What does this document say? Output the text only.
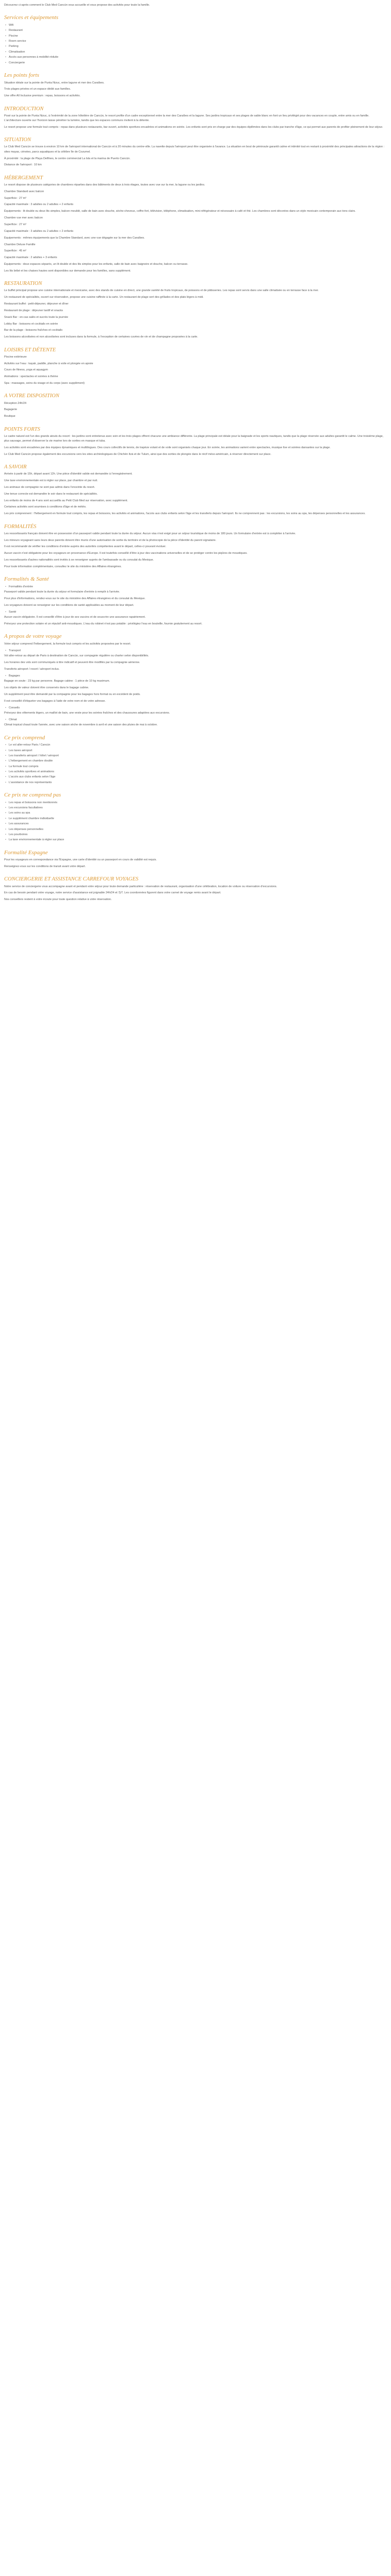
Découvrez ci-après comment le Club Med Cancún vous accueille et vous propose des activités pour toute la famille.
Services et équipements
• Wifi
• Restaurant
• Piscine
• Room service
• Parking
• Climatisation
• Accès aux personnes à mobilité réduite
• Conciergerie
Les points forts
Situation idéale sur la pointe de Punta Nizuc, entre lagune et mer des Caraïbes.
Trois plages privées et un espace dédié aux familles.
Une offre All Inclusive premium : repas, boissons et activités.
INTRODUCTION
Posé sur la pointe de Punta Nizuc, à l'extrémité de la zone hôtelière de Cancún, le resort profite d'un cadre exceptionnel entre la mer des Caraïbes et la lagune. Ses jardins tropicaux et ses plages de sable blanc en font un lieu privilégié pour des vacances en couple, entre amis ou en famille. L'architecture ouverte sur l'horizon laisse pénétrer la lumière, tandis que les espaces communs invitent à la détente.
Le resort propose une formule tout compris : repas dans plusieurs restaurants, bar ouvert, activités sportives encadrées et animations en soirée. Les enfants sont pris en charge par des équipes diplômées dans les clubs par tranche d'âge, ce qui permet aux parents de profiter pleinement de leur séjour.
SITUATION
Le Club Med Cancún se trouve à environ 10 km de l'aéroport international de Cancún et à 20 minutes du centre-ville. La navette depuis l'aéroport peut être organisée à l'avance. La situation en bout de péninsule garantit calme et intimité tout en restant à proximité des principales attractions de la région : sites mayas, cénotes, parcs aquatiques et la célèbre île de Cozumel.
À proximité : la plage de Playa Delfines, le centre commercial La Isla et la marina de Puerto Cancún.
Distance de l'aéroport : 10 km
HÉBERGEMENT
Le resort dispose de plusieurs catégories de chambres réparties dans des bâtiments de deux à trois étages, toutes avec vue sur la mer, la lagune ou les jardins.
Chambre Standard avec balcon
Superficie : 27 m²
Capacité maximale : 3 adultes ou 2 adultes + 2 enfants
Équipements : lit double ou deux lits simples, balcon meublé, salle de bain avec douche, sèche-cheveux, coffre-fort, télévision, téléphone, climatisation, mini-réfrigérateur et nécessaire à café et thé. Les chambres sont décorées dans un style mexicain contemporain aux tons clairs.
Chambre vue mer avec balcon
Superficie : 27 m²
Capacité maximale : 3 adultes ou 2 adultes + 2 enfants
Équipements : mêmes équipements que la Chambre Standard, avec une vue dégagée sur la mer des Caraïbes.
Chambre Deluxe Famille
Superficie : 45 m²
Capacité maximale : 2 adultes + 3 enfants
Équipements : deux espaces séparés, un lit double et des lits simples pour les enfants, salle de bain avec baignoire et douche, balcon ou terrasse.
Les lits bébé et les chaises hautes sont disponibles sur demande pour les familles, sans supplément.
RESTAURATION
Le buffet principal propose une cuisine internationale et mexicaine, avec des stands de cuisine en direct, une grande variété de fruits tropicaux, de poissons et de pâtisseries. Les repas sont servis dans une salle climatisée ou en terrasse face à la mer.
Un restaurant de spécialités, ouvert sur réservation, propose une cuisine raffinée à la carte. Un restaurant de plage sert des grillades et des plats légers à midi.
Restaurant buffet : petit-déjeuner, déjeuner et dîner
Restaurant de plage : déjeuner tardif et snacks
Snack Bar : en-cas salés et sucrés toute la journée
Lobby Bar : boissons et cocktails en soirée
Bar de la plage : boissons fraîches et cocktails
Les boissons alcoolisées et non alcoolisées sont incluses dans la formule, à l'exception de certaines cuvées de vin et de champagne proposées à la carte.
LOISIRS ET DÉTENTE
Piscine extérieure
Activités sur l'eau : kayak, paddle, planche à voile et plongée en apnée
Cours de fitness, yoga et aquagym
Animations : spectacles et soirées à thème
Spa : massages, soins du visage et du corps (avec supplément)
A VOTRE DISPOSITION
Réception 24h/24
Bagagerie
Boutique
POINTS FORTS
Le cadre naturel est l'un des grands atouts du resort : les jardins sont entretenus avec soin et les trois plages offrent chacune une ambiance différente. La plage principale est idéale pour la baignade et les sports nautiques, tandis que la plage réservée aux adultes garantit le calme. Une troisième plage, plus sauvage, permet d'observer la vie marine lors de sorties en masque et tuba.
Les activités sont encadrées par des équipes dynamiques et multilingues. Des cours collectifs de tennis, de trapèze volant et de voile sont organisés chaque jour. En soirée, les animations varient entre spectacles, musique live et soirées dansantes sur la plage.
Le Club Med Cancún propose également des excursions vers les sites archéologiques de Chichén Itzá et de Tulum, ainsi que des sorties de plongée dans le récif méso-américain, à réserver directement sur place.
A SAVOIR
Arrivée à partir de 15h, départ avant 12h. Une pièce d'identité valide est demandée à l'enregistrement.
Une taxe environnementale est à régler sur place, par chambre et par nuit.
Les animaux de compagnie ne sont pas admis dans l'enceinte du resort.
Une tenue correcte est demandée le soir dans le restaurant de spécialités.
Les enfants de moins de 4 ans sont accueillis au Petit Club Med sur réservation, avec supplément.
Certaines activités sont soumises à conditions d'âge et de météo.
Les prix comprennent : l'hébergement en formule tout compris, les repas et boissons, les activités et animations, l'accès aux clubs enfants selon l'âge et les transferts depuis l'aéroport. Ils ne comprennent pas : les excursions, les soins au spa, les dépenses personnelles et les assurances.
FORMALITÉS
Les ressortissants français doivent être en possession d'un passeport valide pendant toute la durée du séjour. Aucun visa n'est exigé pour un séjour touristique de moins de 180 jours. Un formulaire d'entrée est à compléter à l'arrivée.
Les mineurs voyageant sans leurs deux parents doivent être munis d'une autorisation de sortie du territoire et de la photocopie de la pièce d'identité du parent signataire.
Il est recommandé de vérifier les conditions d'entrée auprès des autorités compétentes avant le départ, celles-ci pouvant évoluer.
Aucun vaccin n'est obligatoire pour les voyageurs en provenance d'Europe. Il est toutefois conseillé d'être à jour des vaccinations universelles et de se protéger contre les piqûres de moustiques.
Les ressortissants d'autres nationalités sont invités à se renseigner auprès de l'ambassade ou du consulat du Mexique.
Pour toute information complémentaire, consultez le site du ministère des Affaires étrangères.
Formalités & Santé
• Formalités d'entrée
Passeport valide pendant toute la durée du séjour et formulaire d'entrée à remplir à l'arrivée.
Pour plus d'informations, rendez-vous sur le site du ministère des Affaires étrangères et du consulat du Mexique.
Les voyageurs doivent se renseigner sur les conditions de santé applicables au moment de leur départ.
• Santé
Aucun vaccin obligatoire. Il est conseillé d'être à jour de ses vaccins et de souscrire une assurance rapatriement.
Prévoyez une protection solaire et un répulsif anti-moustiques. L'eau du robinet n'est pas potable : privilégiez l'eau en bouteille, fournie gratuitement au resort.
A propos de votre voyage
Votre séjour comprend l'hébergement, la formule tout compris et les activités proposées par le resort.
• Transport
Vol aller-retour au départ de Paris à destination de Cancún, sur compagnie régulière ou charter selon disponibilités.
Les horaires des vols sont communiqués à titre indicatif et peuvent être modifiés par la compagnie aérienne.
Transferts aéroport / resort / aéroport inclus.
• Bagages
Bagage en soute : 23 kg par personne. Bagage cabine : 1 pièce de 10 kg maximum.
Les objets de valeur doivent être conservés dans le bagage cabine.
Un supplément peut être demandé par la compagnie pour les bagages hors format ou en excédent de poids.
Il est conseillé d'étiqueter vos bagages à l'aide de votre nom et de votre adresse.
• Conseils
Prévoyez des vêtements légers, un maillot de bain, une veste pour les soirées fraîches et des chaussures adaptées aux excursions.
• Climat
Climat tropical chaud toute l'année, avec une saison sèche de novembre à avril et une saison des pluies de mai à octobre.
Ce prix comprend
• Le vol aller-retour Paris / Cancún
• Les taxes aéroport
• Les transferts aéroport / hôtel / aéroport
• L'hébergement en chambre double
• La formule tout compris
• Les activités sportives et animations
• L'accès aux clubs enfants selon l'âge
• L'assistance de nos représentants
Ce prix ne comprend pas
• Les repas et boissons non mentionnés
• Les excursions facultatives
• Les soins au spa
• Le supplément chambre individuelle
• Les assurances
• Les dépenses personnelles
• Les pourboires
• La taxe environnementale à régler sur place
Formalité Espagne
Pour les voyageurs en correspondance via l'Espagne, une carte d'identité ou un passeport en cours de validité est requis.
Renseignez-vous sur les conditions de transit avant votre départ.
CONCIERGERIE ET ASSISTANCE CARREFOUR VOYAGES
Notre service de conciergerie vous accompagne avant et pendant votre séjour pour toute demande particulière : réservation de restaurant, organisation d'une célébration, location de voiture ou réservation d'excursions.
En cas de besoin pendant votre voyage, notre service d'assistance est joignable 24h/24 et 7j/7. Les coordonnées figurent dans votre carnet de voyage remis avant le départ.
Nos conseillers restent à votre écoute pour toute question relative à votre réservation.
